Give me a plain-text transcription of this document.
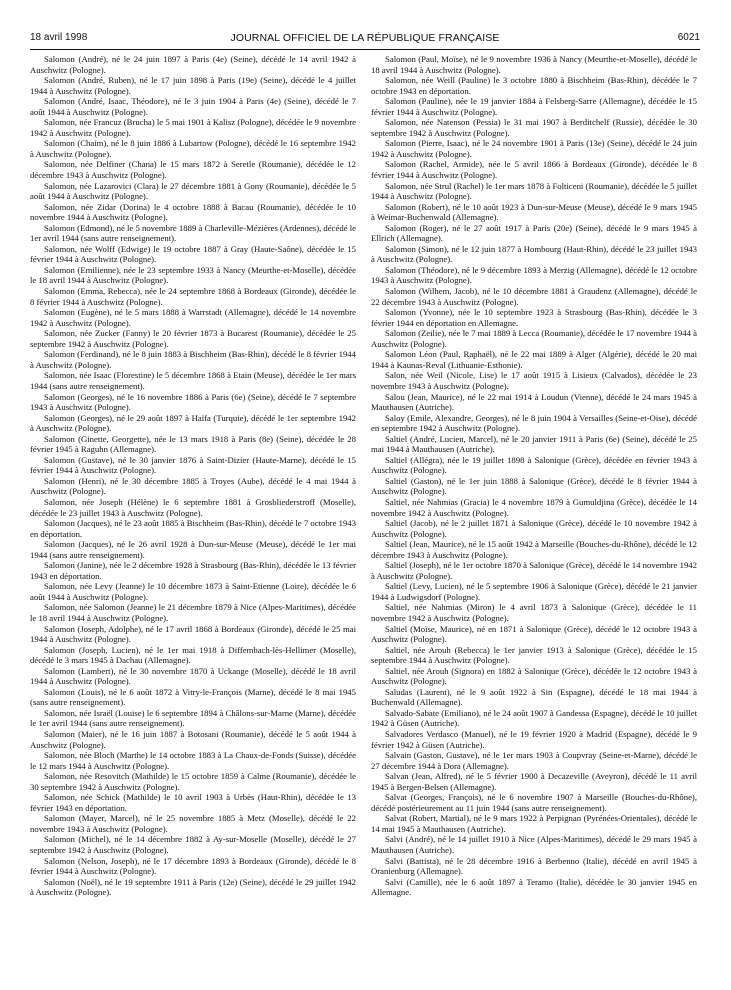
18 avril 1998	JOURNAL OFFICIEL DE LA RÉPUBLIQUE FRANÇAISE	6021

Salomon (André), né le 24 juin 1897 à Paris (4e) (Seine), décédé le 14 avril 1942 à Auschwitz (Pologne).

Salomon (André, Ruben), né le 17 juin 1898 à Paris (19e) (Seine), décédé le 4 juillet 1944 à Auschwitz (Pologne).

Salomon (André, Isaac, Théodore), né le 3 juin 1904 à Paris (4e) (Seine), décédé le 7 août 1944 à Auschwitz (Pologne).

Salomon, née Francuz (Brucha) le 5 mai 1901 à Kalisz (Pologne), décédée le 9 novembre 1942 à Auschwitz (Pologne).

Salomon (Chaim), né le 8 juin 1886 à Lubartow (Pologne), décédé le 16 septembre 1942 à Auschwitz (Pologne).

Salomon, née Delfiner (Chana) le 15 mars 1872 à Seretle (Roumanie), décédée le 12 décembre 1943 à Auschwitz (Pologne).

Salomon, née Lazarovici (Clara) le 27 décembre 1881 à Gony (Roumanie), décédée le 5 août 1944 à Auschwitz (Pologne).

Salomon, née Zidar (Dorina) le 4 octobre 1888 à Bacau (Roumanie), décédée le 10 novembre 1944 à Auschwitz (Pologne).

Salomon (Edmond), né le 5 novembre 1889 à Charleville-Mézières (Ardennes), décédé le 1er avril 1944 (sans autre renseignement).

Salomon, née Wolff (Edwige) le 19 octobre 1887 à Gray (Haute-Saône), décédée le 15 février 1944 à Auschwitz (Pologne).

Salomon (Emilienne), née le 23 septembre 1933 à Nancy (Meurthe-et-Moselle), décédée le 18 avril 1944 à Auschwitz (Pologne).

Salomon (Emma, Rebecca), née le 24 septembre 1868 à Bordeaux (Gironde), décédée le 8 février 1944 à Auschwitz (Pologne).

Salomon (Eugène), né le 5 mars 1888 à Warrstadt (Allemagne), décédé le 14 novembre 1942 à Auschwitz (Pologne).

Salomon, née Zucker (Fanny) le 20 février 1873 à Bucarest (Roumanie), décédée le 25 septembre 1942 à Auschwitz (Pologne).

Salomon (Ferdinand), né le 8 juin 1883 à Bischheim (Bas-Rhin), décédé le 8 février 1944 à Auschwitz (Pologne).

Salomon, née Isaac (Florestine) le 5 décembre 1868 à Etain (Meuse), décédée le 1er mars 1944 (sans autre renseignement).

Salomon (Georges), né le 16 novembre 1886 à Paris (6e) (Seine), décédé le 7 septembre 1943 à Auschwitz (Pologne).

Salomon (Georges), né le 29 août 1897 à Haïfa (Turquie), décédé le 1er septembre 1942 à Auschwitz (Pologne).

Salomon (Ginette, Georgette), née le 13 mars 1918 à Paris (8e) (Seine), décédée le 28 février 1945 à Raguhn (Allemagne).

Salomon (Gustave), né le 30 janvier 1876 à Saint-Dizier (Haute-Marne), décédé le 15 février 1944 à Auschwitz (Pologne).

Salomon (Henri), né le 30 décembre 1885 à Troyes (Aube), décédé le 4 mai 1944 à Auschwitz (Pologne).

Salomon, née Joseph (Hélène) le 6 septembre 1881 à Grosbliederstroff (Moselle), décédée le 23 juillet 1943 à Auschwitz (Pologne).

Salomon (Jacques), né le 23 août 1885 à Bischheim (Bas-Rhin), décédé le 7 octobre 1943 en déportation.

Salomon (Jacques), né le 26 avril 1928 à Dun-sur-Meuse (Meuse), décédé le 1er mai 1944 (sans autre renseignement).

Salomon (Janine), née le 2 décembre 1928 à Strasbourg (Bas-Rhin), décédée le 13 février 1943 en déportation.

Salomon, née Levy (Jeanne) le 10 décembre 1873 à Saint-Etienne (Loire), décédée le 6 août 1944 à Auschwitz (Pologne).

Salomon, née Salomon (Jeanne) le 21 décembre 1879 à Nice (Alpes-Maritimes), décédée le 18 avril 1944 à Auschwitz (Pologne).

Salomon (Joseph, Adolphe), né le 17 avril 1868 à Bordeaux (Gironde), décédé le 25 mai 1944 à Auschwitz (Pologne).

Salomon (Joseph, Lucien), né le 1er mai 1918 à Diffembach-lès-Hellimer (Moselle), décédé le 3 mars 1945 à Dachau (Allemagne).

Salomon (Lambert), né le 30 novembre 1870 à Uckange (Moselle), décédé le 18 avril 1944 à Auschwitz (Pologne).

Salomon (Louis), né le 6 août 1872 à Vitry-le-François (Marne), décédé le 8 mai 1945 (sans autre renseignement).

Salomon, née Israël (Louise) le 6 septembre 1894 à Châlons-sur-Marne (Marne), décédée le 1er avril 1944 (sans autre renseignement).

Salomon (Maier), né le 16 juin 1887 à Botosani (Roumanie), décédé le 5 août 1944 à Auschwitz (Pologne).

Salomon, née Bloch (Marthe) le 14 octobre 1883 à La Chaux-de-Fonds (Suisse), décédée le 12 mars 1944 à Auschwitz (Pologne).

Salomon, née Resovitch (Mathilde) le 15 octobre 1859 à Calme (Roumanie), décédée le 30 septembre 1942 à Auschwitz (Pologne).

Salomon, née Schick (Mathilde) le 10 avril 1903 à Urbès (Haut-Rhin), décédée le 13 février 1943 en déportation.

Salomon (Mayer, Marcel), né le 25 novembre 1885 à Metz (Moselle), décédé le 22 novembre 1943 à Auschwitz (Pologne).

Salomon (Michel), né le 14 décembre 1882 à Ay-sur-Moselle (Moselle), décédé le 27 septembre 1942 à Auschwitz (Pologne).

Salomon (Nelson, Joseph), né le 17 décembre 1893 à Bordeaux (Gironde), décédé le 8 février 1944 à Auschwitz (Pologne).

Salomon (Noël), né le 19 septembre 1911 à Paris (12e) (Seine), décédé le 29 juillet 1942 à Auschwitz (Pologne).

Salomon (Paul, Moïse), né le 9 novembre 1936 à Nancy (Meurthe-et-Moselle), décédé le 18 avril 1944 à Auschwitz (Pologne).

Salomon, née Weill (Pauline) le 3 octobre 1880 à Bischheim (Bas-Rhin), décédée le 7 octobre 1943 en déportation.

Salomon (Pauline), née le 19 janvier 1884 à Felsberg-Sarre (Allemagne), décédée le 15 février 1944 à Auschwitz (Pologne).

Salomon, née Natenson (Pessia) le 31 mai 1907 à Berditchelf (Russie), décédée le 30 septembre 1942 à Auschwitz (Pologne).

Salomon (Pierre, Isaac), né le 24 novembre 1901 à Paris (13e) (Seine), décédé le 24 juin 1942 à Auschwitz (Pologne).

Salomon (Rachel, Armide), née le 5 avril 1866 à Bordeaux (Gironde), décédée le 8 février 1944 à Auschwitz (Pologne).

Salomon, née Strul (Rachel) le 1er mars 1878 à Folticeni (Roumanie), décédée le 5 juillet 1944 à Auschwitz (Pologne).

Salomon (Robert), né le 10 août 1923 à Dun-sur-Meuse (Meuse), décédé le 9 mars 1945 à Weimar-Buchenwald (Allemagne).

Salomon (Roger), né le 27 août 1917 à Paris (20e) (Seine), décédé le 9 mars 1945 à Ellrich (Allemagne).

Salomon (Simon), né le 12 juin 1877 à Hombourg (Haut-Rhin), décédé le 23 juillet 1943 à Auschwitz (Pologne).

Salomon (Théodore), né le 9 décembre 1893 à Merzig (Allemagne), décédé le 12 octobre 1943 à Auschwitz (Pologne).

Salomon (Wilhem, Jacob), né le 10 décembre 1881 à Graudenz (Allemagne), décédé le 22 décembre 1943 à Auschwitz (Pologne).

Salomon (Yvonne), née le 10 septembre 1923 à Strasbourg (Bas-Rhin), décédée le 3 février 1944 en déportation en Allemagne.

Salomon (Zeilie), née le 7 mai 1889 à Lecca (Roumanie), décédée le 17 novembre 1944 à Auschwitz (Pologne).

Salomon Léon (Paul, Raphaël), né le 22 mai 1889 à Alger (Algérie), décédé le 20 mai 1944 à Kaunas-Reval (Lithuanie-Esthonie).

Salon, née Weil (Nicole, Lise) le 17 août 1915 à Lisieux (Calvados), décédée le 23 novembre 1943 à Auschwitz (Pologne).

Salou (Jean, Maurice), né le 22 mai 1914 à Loudun (Vienne), décédé le 24 mars 1945 à Mauthausen (Autriche).

Saloy (Emile, Alexandre, Georges), né le 8 juin 1904 à Versailles (Seine-et-Oise), décédé en septembre 1942 à Auschwitz (Pologne).

Saltiel (André, Lucien, Marcel), né le 20 janvier 1911 à Paris (6e) (Seine), décédé le 25 mai 1944 à Mauthausen (Autriche).

Saltiel (Allégra), née le 19 juillet 1898 à Salonique (Grèce), décédée en février 1943 à Auschwitz (Pologne).

Saltiel (Gaston), né le 1er juin 1888 à Salonique (Grèce), décédé le 8 février 1944 à Auschwitz (Pologne).

Saltiel, née Nahmias (Gracia) le 4 novembre 1879 à Gumuldjina (Grèce), décédée le 14 novembre 1942 à Auschwitz (Pologne).

Saltiel (Jacob), né le 2 juillet 1871 à Salonique (Grèce), décédé le 10 novembre 1942 à Auschwitz (Pologne).

Saltiel (Jean, Maurice), né le 15 août 1942 à Marseille (Bouches-du-Rhône), décédé le 12 décembre 1943 à Auschwitz (Pologne).

Saltiel (Joseph), né le 1er octobre 1870 à Salonique (Grèce), décédé le 14 novembre 1942 à Auschwitz (Pologne).

Saltiel (Levy, Lucien), né le 5 septembre 1906 à Salonique (Grèce), décédé le 21 janvier 1944 à Ludwigsdorf (Pologne).

Saltiel, née Nahmias (Miron) le 4 avril 1873 à Salonique (Grèce), décédée le 11 novembre 1942 à Auschwitz (Pologne).

Saltiel (Moïse, Maurice), né en 1871 à Salonique (Grèce), décédé le 12 octobre 1943 à Auschwitz (Pologne).

Saltiel, née Arouh (Rebecca) le 1er janvier 1913 à Salonique (Grèce), décédée le 15 septembre 1944 à Auschwitz (Pologne).

Saltiel, née Arouh (Signora) en 1882 à Salonique (Grèce), décédée le 12 octobre 1943 à Auschwitz (Pologne).

Saludas (Laurent), né le 9 août 1922 à Sin (Espagne), décédé le 18 mai 1944 à Buchenwald (Allemagne).

Salvado-Sabate (Emiliano), né le 24 août 1907 à Gandessa (Espagne), décédé le 10 juillet 1942 à Güsen (Autriche).

Salvadores Verdasco (Manuel), né le 19 février 1920 à Madrid (Espagne), décédé le 9 février 1942 à Güsen (Autriche).

Salvain (Gaston, Gustave), né le 1er mars 1903 à Coupvray (Seine-et-Marne), décédé le 27 décembre 1944 à Dora (Allemagne).

Salvan (Jean, Alfred), né le 5 février 1900 à Decazeville (Aveyron), décédé le 11 avril 1945 à Bergen-Belsen (Allemagne).

Salvat (Georges, François), né le 6 novembre 1907 à Marseille (Bouches-du-Rhône), décédé postérieurement au 11 juin 1944 (sans autre renseignement).

Salvat (Robert, Martial), né le 9 mars 1922 à Perpignan (Pyrénées-Orientales), décédé le 14 mai 1945 à Mauthausen (Autriche).

Salvi (André), né le 14 juillet 1910 à Nice (Alpes-Maritimes), décédé le 29 mars 1945 à Mauthausen (Autriche).

Salvi (Battista), né le 28 décembre 1916 à Berbenno (Italie), décédé en avril 1945 à Oranienburg (Allemagne).

Salvi (Camille), née le 6 août 1897 à Teramo (Italie), décédée le 30 janvier 1945 en Allemagne.
